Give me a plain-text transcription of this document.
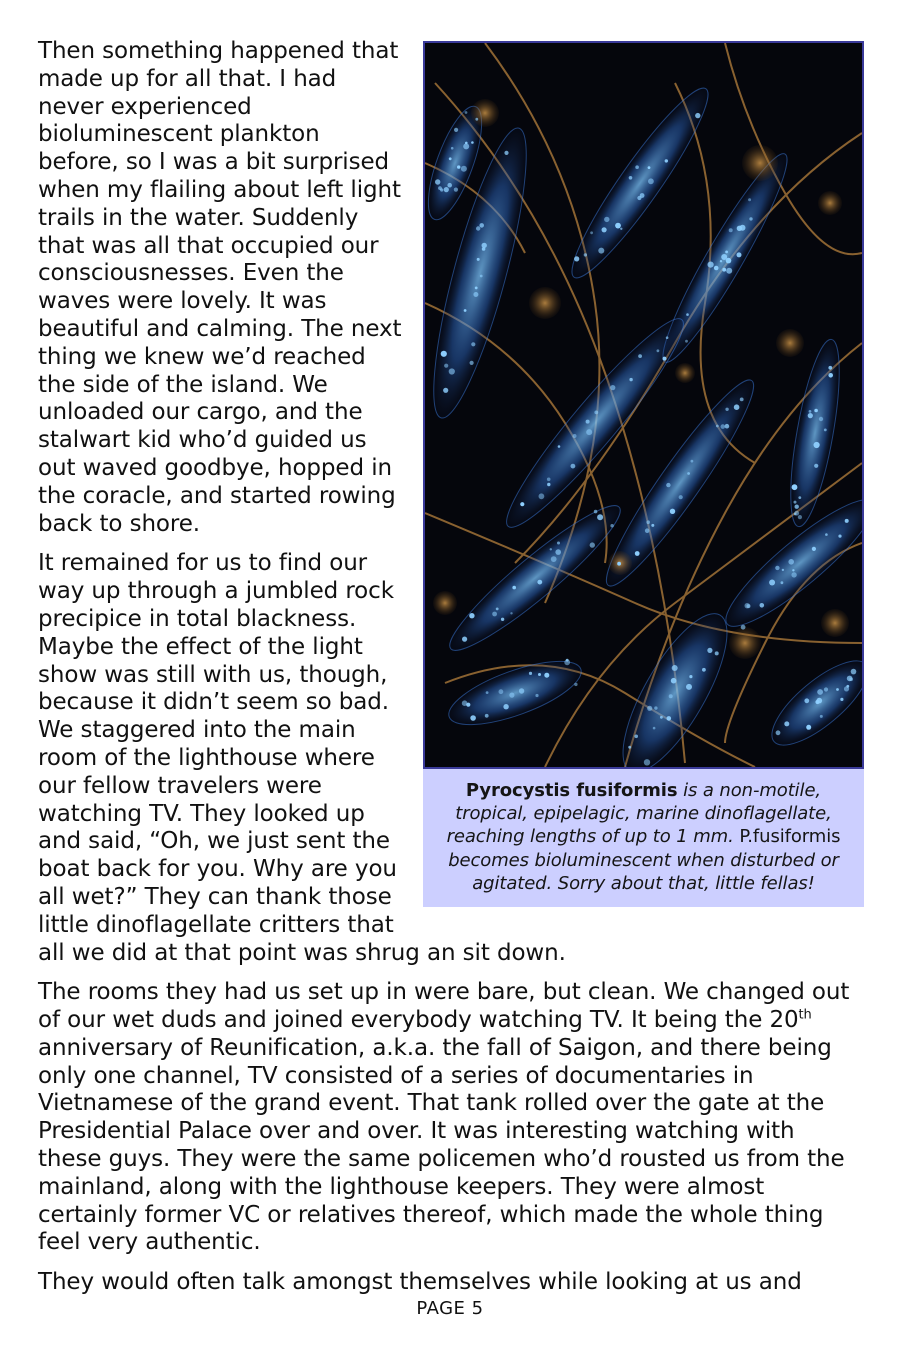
Pyrocystis fusiformis is a non-motile, tropical, epipelagic, marine dinoflagellate, reaching lengths of up to 1 mm. P.fusiformis becomes bioluminescent when disturbed or agitated. Sorry about that, little fellas!

Then something happened that made up for all that. I had never experienced bioluminescent plankton before, so I was a bit surprised when my flailing about left light trails in the water. Suddenly that was all that occupied our consciousnesses. Even the waves were lovely. It was beautiful and calming. The next thing we knew we’d reached the side of the island. We unloaded our cargo, and the stalwart kid who’d guided us out waved goodbye, hopped in the coracle, and started rowing back to shore.

It remained for us to find our way up through a jumbled rock precipice in total blackness. Maybe the effect of the light show was still with us, though, because it didn’t seem so bad. We staggered into the main room of the lighthouse where our fellow travelers were watching TV. They looked up and said, “Oh, we just sent the boat back for you. Why are you all wet?” They can thank those little dinoflagellate critters that all we did at that point was shrug an sit down.

The rooms they had us set up in were bare, but clean. We changed out of our wet duds and joined everybody watching TV. It being the 20th anniversary of Reunification, a.k.a. the fall of Saigon, and there being only one channel, TV consisted of a series of documentaries in Vietnamese of the grand event. That tank rolled over the gate at the Presidential Palace over and over. It was interesting watching with these guys. They were the same policemen who’d rousted us from the mainland, along with the lighthouse keepers. They were almost certainly former VC or relatives thereof, which made the whole thing feel very authentic.

They would often talk amongst themselves while looking at us and

PAGE 5
